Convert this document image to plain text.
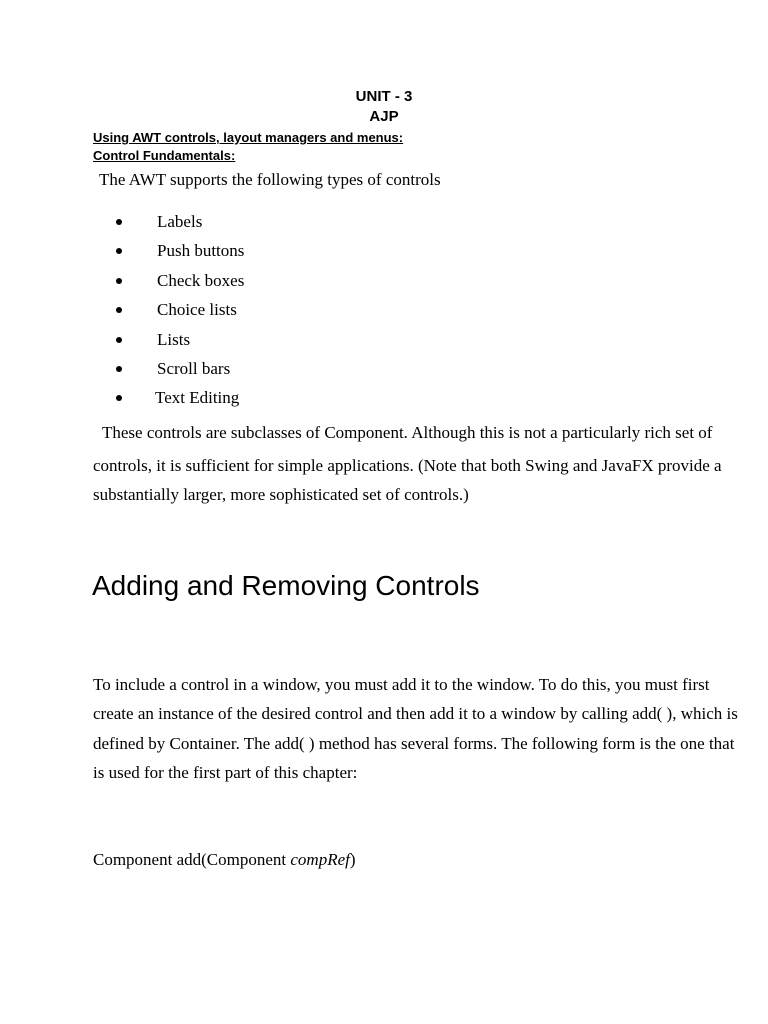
UNIT - 3
AJP
Using AWT controls, layout managers and menus:
Control Fundamentals:
The AWT supports the following types of controls
Labels
Push buttons
Check boxes
Choice lists
Lists
Scroll bars
Text Editing
These controls are subclasses of Component. Although this is not a particularly rich set of
controls, it is sufficient for simple applications. (Note that both Swing and JavaFX provide a
substantially larger, more sophisticated set of controls.)
Adding and Removing Controls
To include a control in a window, you must add it to the window. To do this, you must first
create an instance of the desired control and then add it to a window by calling add( ), which is
defined by Container. The add( ) method has several forms. The following form is the one that
is used for the first part of this chapter:
Component add(Component compRef)
